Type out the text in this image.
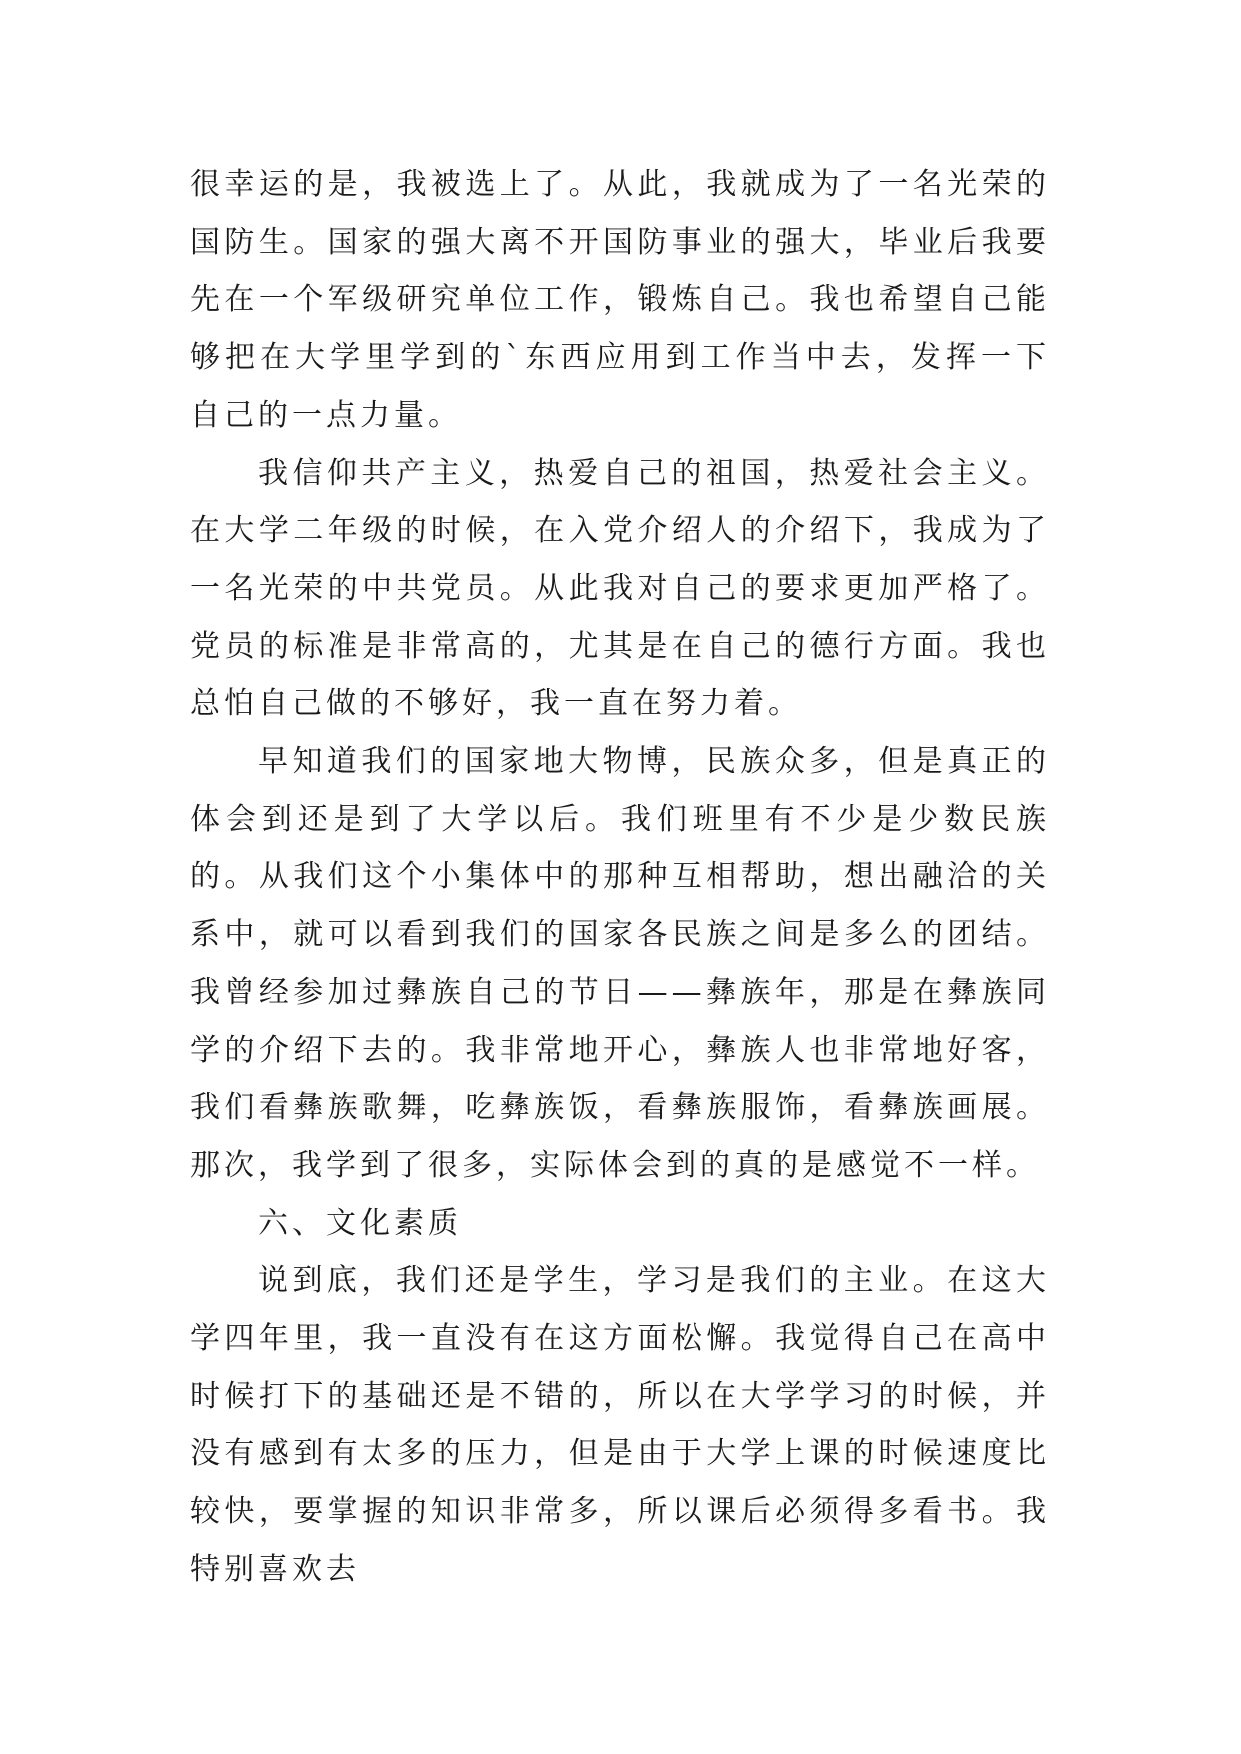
很幸运的是，我被选上了。从此，我就成为了一名光荣的国防生。国家的强大离不开国防事业的强大，毕业后我要先在一个军级研究单位工作，锻炼自己。我也希望自己能够把在大学里学到的`东西应用到工作当中去，发挥一下自己的一点力量。

我信仰共产主义，热爱自己的祖国，热爱社会主义。在大学二年级的时候，在入党介绍人的介绍下，我成为了一名光荣的中共党员。从此我对自己的要求更加严格了。党员的标准是非常高的，尤其是在自己的德行方面。我也总怕自己做的不够好，我一直在努力着。

早知道我们的国家地大物博，民族众多，但是真正的体会到还是到了大学以后。我们班里有不少是少数民族的。从我们这个小集体中的那种互相帮助，想出融洽的关系中，就可以看到我们的国家各民族之间是多么的团结。我曾经参加过彝族自己的节日——彝族年，那是在彝族同学的介绍下去的。我非常地开心，彝族人也非常地好客，我们看彝族歌舞，吃彝族饭，看彝族服饰，看彝族画展。那次，我学到了很多，实际体会到的真的是感觉不一样。

六、文化素质

说到底，我们还是学生，学习是我们的主业。在这大学四年里，我一直没有在这方面松懈。我觉得自己在高中时候打下的基础还是不错的，所以在大学学习的时候，并没有感到有太多的压力，但是由于大学上课的时候速度比较快，要掌握的知识非常多，所以课后必须得多看书。我特别喜欢去
